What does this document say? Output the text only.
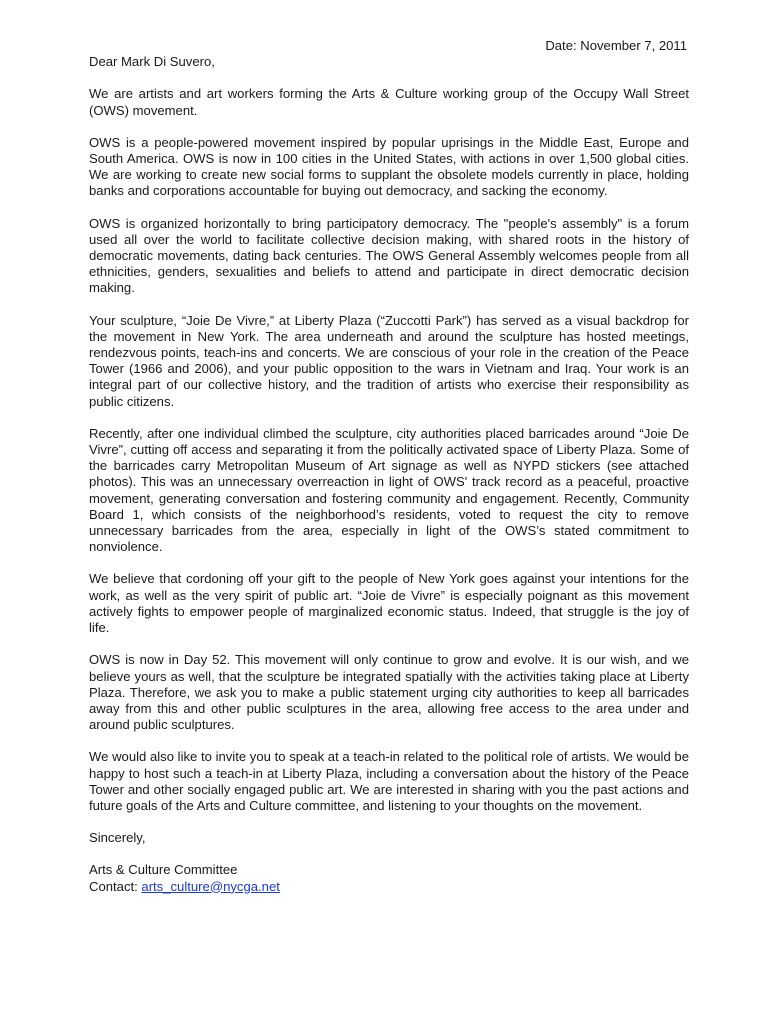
Date: November 7, 2011

Dear Mark Di Suvero,

We are artists and art workers forming the Arts & Culture working group of the Occupy Wall Street (OWS) movement.

OWS is a people-powered movement inspired by popular uprisings in the Middle East, Europe and South America. OWS is now in 100 cities in the United States, with actions in over 1,500 global cities. We are working to create new social forms to supplant the obsolete models currently in place, holding banks and corporations accountable for buying out democracy, and sacking the economy.

OWS is organized horizontally to bring participatory democracy. The "people's assembly" is a forum used all over the world to facilitate collective decision making, with shared roots in the history of democratic movements, dating back centuries. The OWS General Assembly welcomes people from all ethnicities, genders, sexualities and beliefs to attend and participate in direct democratic decision making.

Your sculpture, “Joie De Vivre,” at Liberty Plaza (“Zuccotti Park”) has served as a visual backdrop for the movement in New York. The area underneath and around the sculpture has hosted meetings, rendezvous points, teach-ins and concerts. We are conscious of your role in the creation of the Peace Tower (1966 and 2006), and your public opposition to the wars in Vietnam and Iraq. Your work is an integral part of our collective history, and the tradition of artists who exercise their responsibility as public citizens.

Recently, after one individual climbed the sculpture, city authorities placed barricades around “Joie De Vivre”, cutting off access and separating it from the politically activated space of Liberty Plaza. Some of the barricades carry Metropolitan Museum of Art signage as well as NYPD stickers (see attached photos). This was an unnecessary overreaction in light of OWS' track record as a peaceful, proactive movement, generating conversation and fostering community and engagement. Recently, Community Board 1, which consists of the neighborhood’s residents, voted to request the city to remove unnecessary barricades from the area, especially in light of the OWS’s stated commitment to nonviolence.

We believe that cordoning off your gift to the people of New York goes against your intentions for the work, as well as the very spirit of public art. “Joie de Vivre” is especially poignant as this movement actively fights to empower people of marginalized economic status. Indeed, that struggle is the joy of life.

OWS is now in Day 52. This movement will only continue to grow and evolve. It is our wish, and we believe yours as well, that the sculpture be integrated spatially with the activities taking place at Liberty Plaza. Therefore, we ask you to make a public statement urging city authorities to keep all barricades away from this and other public sculptures in the area, allowing free access to the area under and around public sculptures.

We would also like to invite you to speak at a teach-in related to the political role of artists. We would be happy to host such a teach-in at Liberty Plaza, including a conversation about the history of the Peace Tower and other socially engaged public art. We are interested in sharing with you the past actions and future goals of the Arts and Culture committee, and listening to your thoughts on the movement.

Sincerely,

Arts & Culture Committee

Contact: arts_culture@nycga.net
